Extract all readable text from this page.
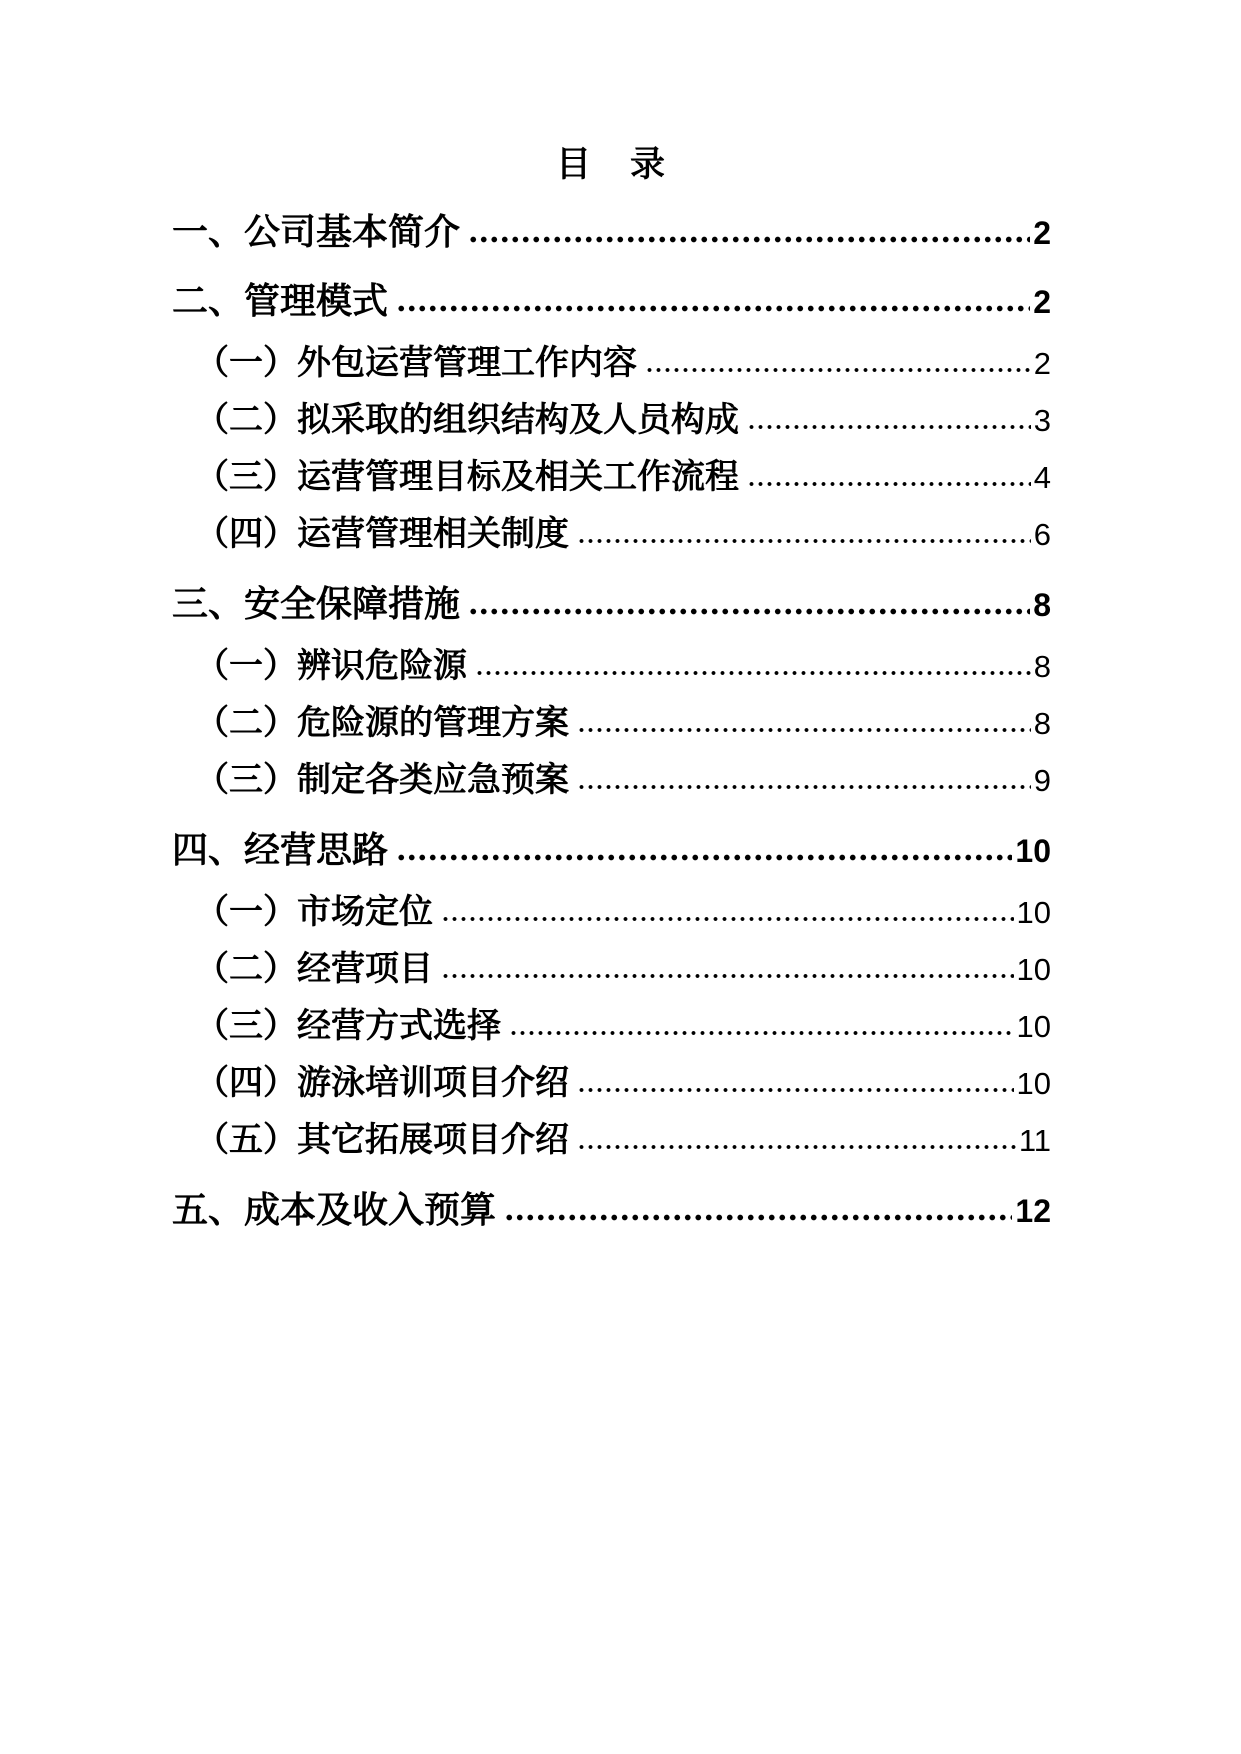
目　录
一、公司基本简介	2
二、管理模式	2
（一）外包运营管理工作内容	2
（二）拟采取的组织结构及人员构成	3
（三）运营管理目标及相关工作流程	4
（四）运营管理相关制度	6
三、安全保障措施	8
（一）辨识危险源	8
（二）危险源的管理方案	8
（三）制定各类应急预案	9
四、经营思路	10
（一）市场定位	10
（二）经营项目	10
（三）经营方式选择	10
（四）游泳培训项目介绍	10
（五）其它拓展项目介绍	11
五、成本及收入预算	12
